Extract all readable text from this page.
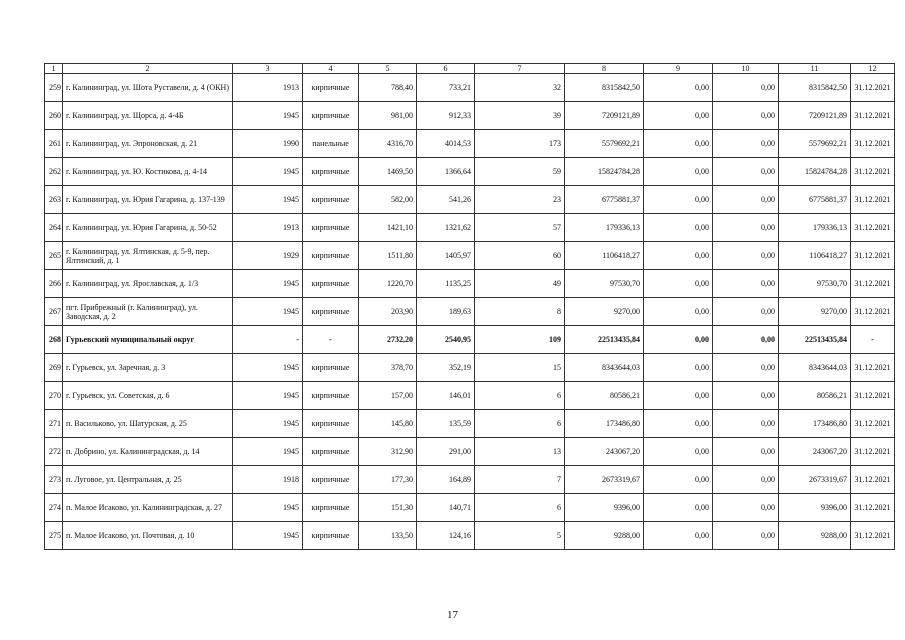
1	2	3	4	5	6	7	8	9	10	11	12
259	г. Калининград, ул. Шота Руставели, д. 4 (ОКН)	1913	кирпичные	788,40	733,21	32	8315842,50	0,00	0,00	8315842,50	31.12.2021
260	г. Калининград, ул. Щорса, д. 4-4Б	1945	кирпичные	981,00	912,33	39	7209121,89	0,00	0,00	7209121,89	31.12.2021
261	г. Калининград, ул. Эпроновская, д. 21	1990	панельные	4316,70	4014,53	173	5579692,21	0,00	0,00	5579692,21	31.12.2021
262	г. Калининград, ул. Ю. Костикова, д. 4-14	1945	кирпичные	1469,50	1366,64	59	15824784,28	0,00	0,00	15824784,28	31.12.2021
263	г. Калининград, ул. Юрия Гагарина, д. 137-139	1945	кирпичные	582,00	541,26	23	6775881,37	0,00	0,00	6775881,37	31.12.2021
264	г. Калининград, ул. Юрия Гагарина, д. 50-52	1913	кирпичные	1421,10	1321,62	57	179336,13	0,00	0,00	179336,13	31.12.2021
265	г. Калининград, ул. Ялтинская, д. 5-9, пер. Ялтинский, д. 1	1929	кирпичные	1511,80	1405,97	60	1106418,27	0,00	0,00	1106418,27	31.12.2021
266	г. Калининград, ул. Ярославская, д. 1/3	1945	кирпичные	1220,70	1135,25	49	97530,70	0,00	0,00	97530,70	31.12.2021
267	пгт. Прибрежный (г. Калининград), ул. Заводская, д. 2	1945	кирпичные	203,90	189,63	8	9270,00	0,00	0,00	9270,00	31.12.2021
268	Гурьевский муниципальный округ	-	-	2732,20	2540,95	109	22513435,84	0,00	0,00	22513435,84	-
269	г. Гурьевск, ул. Заречная, д. 3	1945	кирпичные	378,70	352,19	15	8343644,03	0,00	0,00	8343644,03	31.12.2021
270	г. Гурьевск, ул. Советская, д. 6	1945	кирпичные	157,00	146,01	6	80586,21	0,00	0,00	80586,21	31.12.2021
271	п. Васильково, ул. Шатурская, д. 25	1945	кирпичные	145,80	135,59	6	173486,80	0,00	0,00	173486,80	31.12.2021
272	п. Добрино, ул. Калининградская, д. 14	1945	кирпичные	312,90	291,00	13	243067,20	0,00	0,00	243067,20	31.12.2021
273	п. Луговое, ул. Центральная, д. 25	1918	кирпичные	177,30	164,89	7	2673319,67	0,00	0,00	2673319,67	31.12.2021
274	п. Малое Исаково, ул. Калининградская, д. 27	1945	кирпичные	151,30	140,71	6	9396,00	0,00	0,00	9396,00	31.12.2021
275	п. Малое Исаково, ул. Почтовая, д. 10	1945	кирпичные	133,50	124,16	5	9288,00	0,00	0,00	9288,00	31.12.2021
17
